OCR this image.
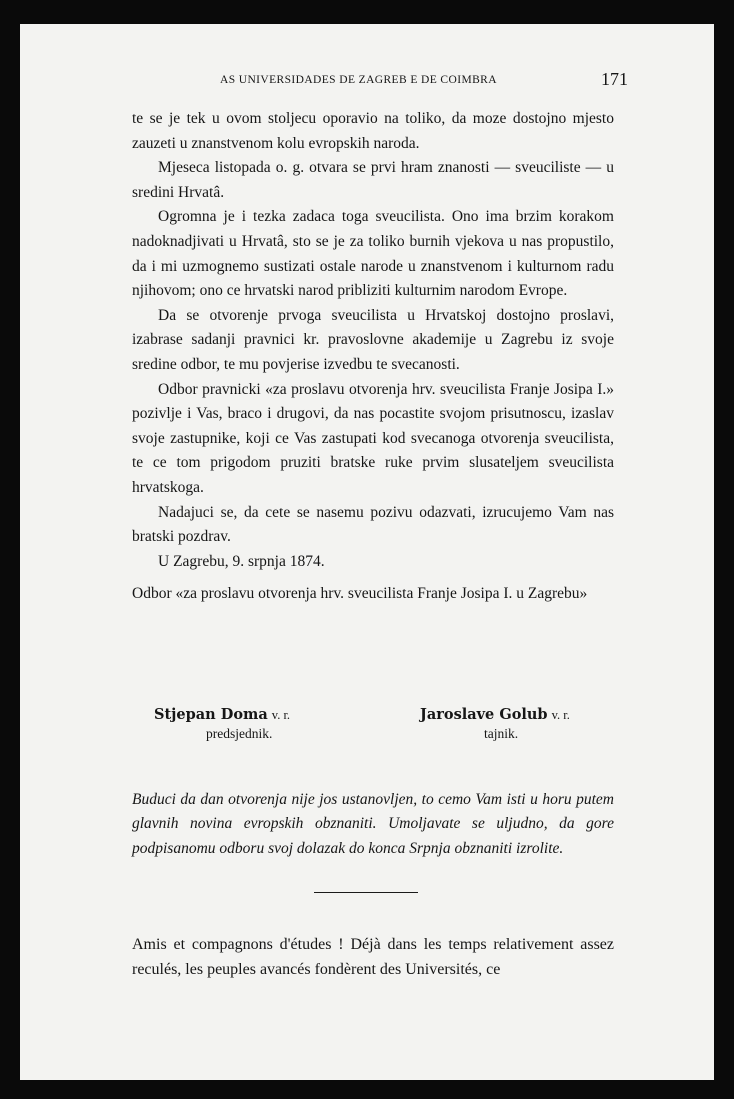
AS UNIVERSIDADES DE ZAGREB E DE COIMBRA	171

te se je tek u ovom stoljecu oporavio na toliko, da moze dostojno mjesto zauzeti u znanstvenom kolu evropskih naroda.

Mjeseca listopada o. g. otvara se prvi hram znanosti — sveuciliste — u sredini Hrvatâ.

Ogromna je i tezka zadaca toga sveucilista. Ono ima brzim korakom nadoknadjivati u Hrvatâ, sto se je za toliko burnih vjekova u nas propustilo, da i mi uzmognemo sustizati ostale narode u znanstvenom i kulturnom radu njihovom; ono ce hrvatski narod pribliziti kulturnim narodom Evrope.

Da se otvorenje prvoga sveucilista u Hrvatskoj dostojno proslavi, izabrase sadanji pravnici kr. pravoslovne akademije u Zagrebu iz svoje sredine odbor, te mu povjerise izvedbu te svecanosti.

Odbor pravnicki «za proslavu otvorenja hrv. sveucilista Franje Josipa I.» pozivlje i Vas, braco i drugovi, da nas pocastite svojom prisutnoscu, izaslav svoje zastupnike, koji ce Vas zastupati kod svecanoga otvorenja sveucilista, te ce tom prigodom pruziti bratske ruke prvim slusateljem sveucilista hrvatskoga.

Nadajuci se, da cete se nasemu pozivu odazvati, izrucujemo Vam nas bratski pozdrav.

U Zagrebu, 9. srpnja 1874.

Odbor «za proslavu otvorenja hrv. sveucilista Franje Josipa I. u Zagrebu»

Stjepan Doma v. r.
predsjednik.
Jaroslave Golub v. r.
tajnik.

Buduci da dan otvorenja nije jos ustanovljen, to cemo Vam isti u horu putem glavnih novina evropskih obznaniti. Umoljavate se uljudno, da gore podpisanomu odboru svoj dolazak do konca Srpnja obznaniti izrolite.

Amis et compagnons d'études ! Déjà dans les temps relativement assez reculés, les peuples avancés fondèrent des Universités, ce
